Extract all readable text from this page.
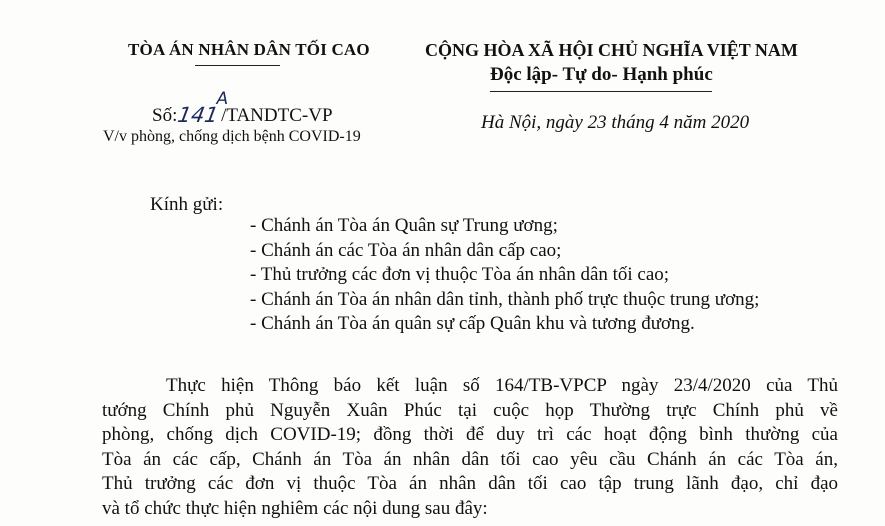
TÒA ÁN NHÂN DÂN TỐI CAO	CỘNG HÒA XÃ HỘI CHỦ NGHĨA VIỆT NAM
Độc lập- Tự do- Hạnh phúc
Số:
141
A
/TANDTC-VP
V/v phòng, chống dịch bệnh COVID-19
Hà Nội, ngày 23 tháng 4 năm 2020
Kính gửi:
- Chánh án Tòa án Quân sự Trung ương;
- Chánh án các Tòa án nhân dân cấp cao;
- Thủ trưởng các đơn vị thuộc Tòa án nhân dân tối cao;
- Chánh án Tòa án nhân dân tỉnh, thành phố trực thuộc trung ương;
- Chánh án Tòa án quân sự cấp Quân khu và tương đương.
Thực hiện Thông báo kết luận số 164/TB-VPCP ngày 23/4/2020 của Thủ
tướng Chính phủ Nguyễn Xuân Phúc tại cuộc họp Thường trực Chính phủ về
phòng, chống dịch COVID-19; đồng thời để duy trì các hoạt động bình thường của
Tòa án các cấp, Chánh án Tòa án nhân dân tối cao yêu cầu Chánh án các Tòa án,
Thủ trưởng các đơn vị thuộc Tòa án nhân dân tối cao tập trung lãnh đạo, chỉ đạo
và tổ chức thực hiện nghiêm các nội dung sau đây:
